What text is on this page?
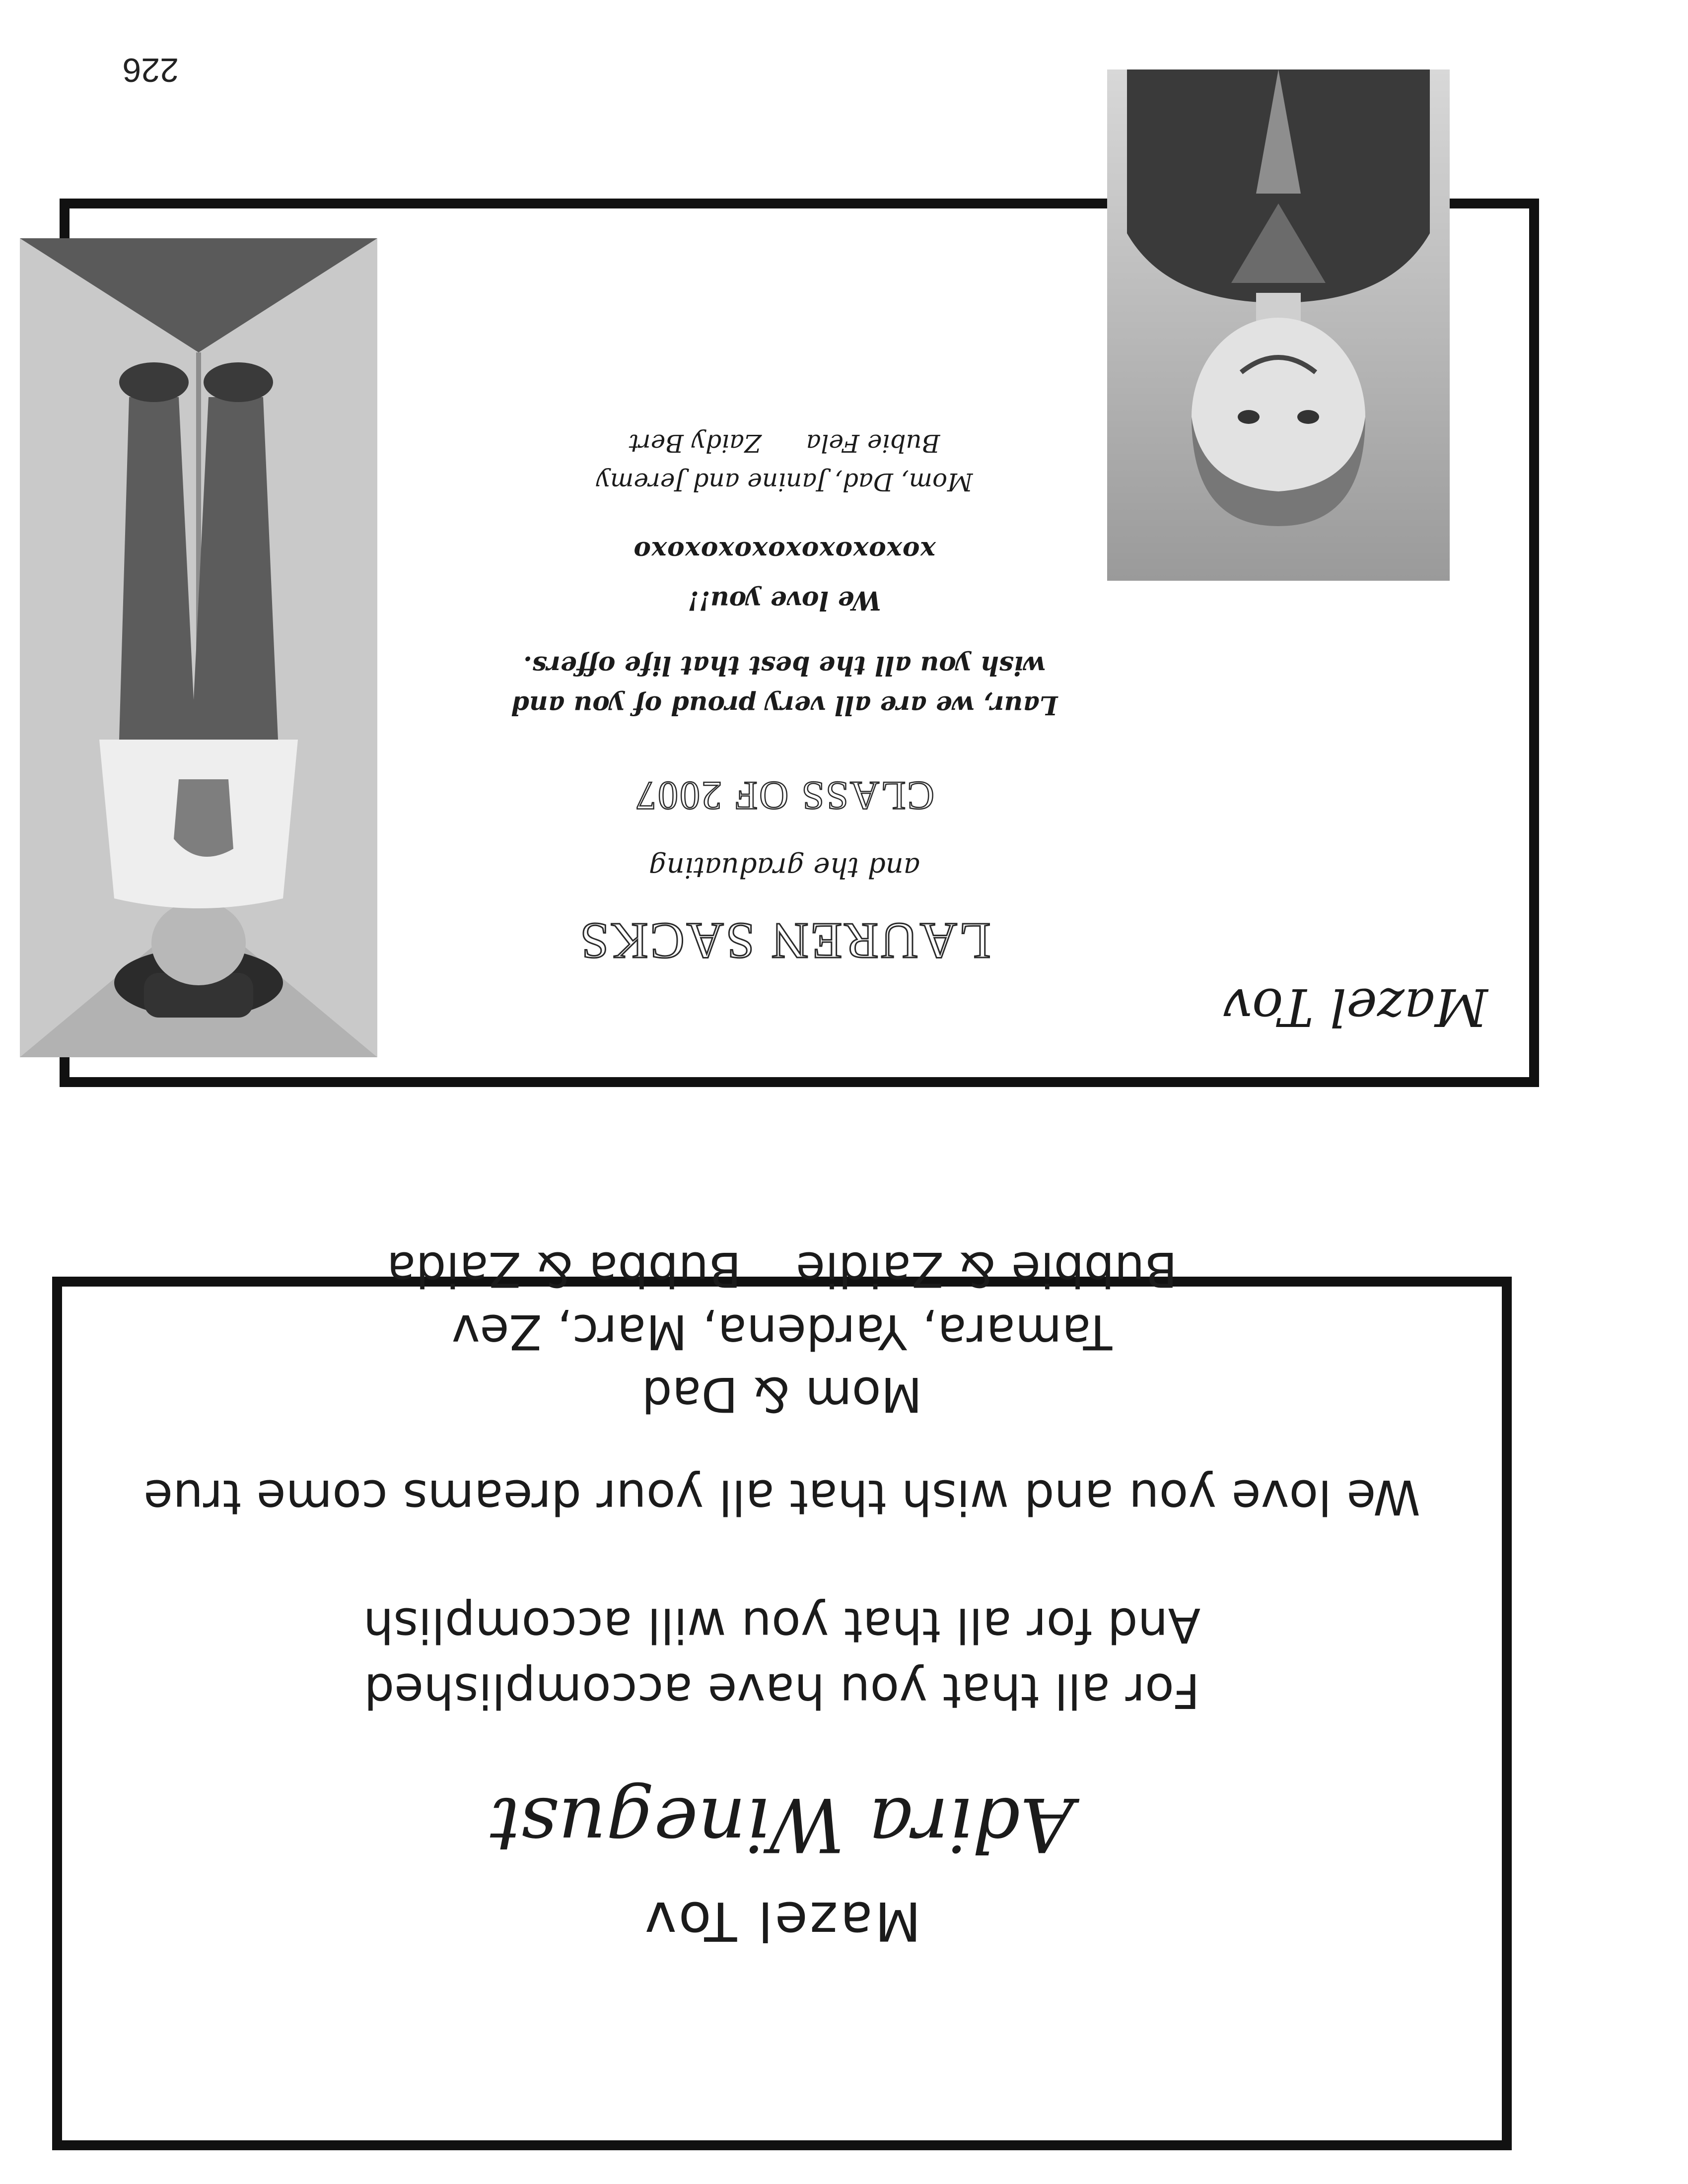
Mazel Tov
Adira Winegust
For all that you have accomplished
And for all that you will accomplish
We love you and wish that all your dreams come true
Mom & Dad
Tamara, Yardena, Marc, Zev
Bubbie & ZaidieBubba & Zaida
Mazel Tov
LAUREN SACKS
and the graduating
CLASS OF 2007
Laur, we are all very proud of you and
wish you all the best that life offers.
We love you!!
xoxoxoxoxoxoxoxoxo
Mom, Dad, Janine and Jeremy
Bubie FelaZaidy Bert
226
